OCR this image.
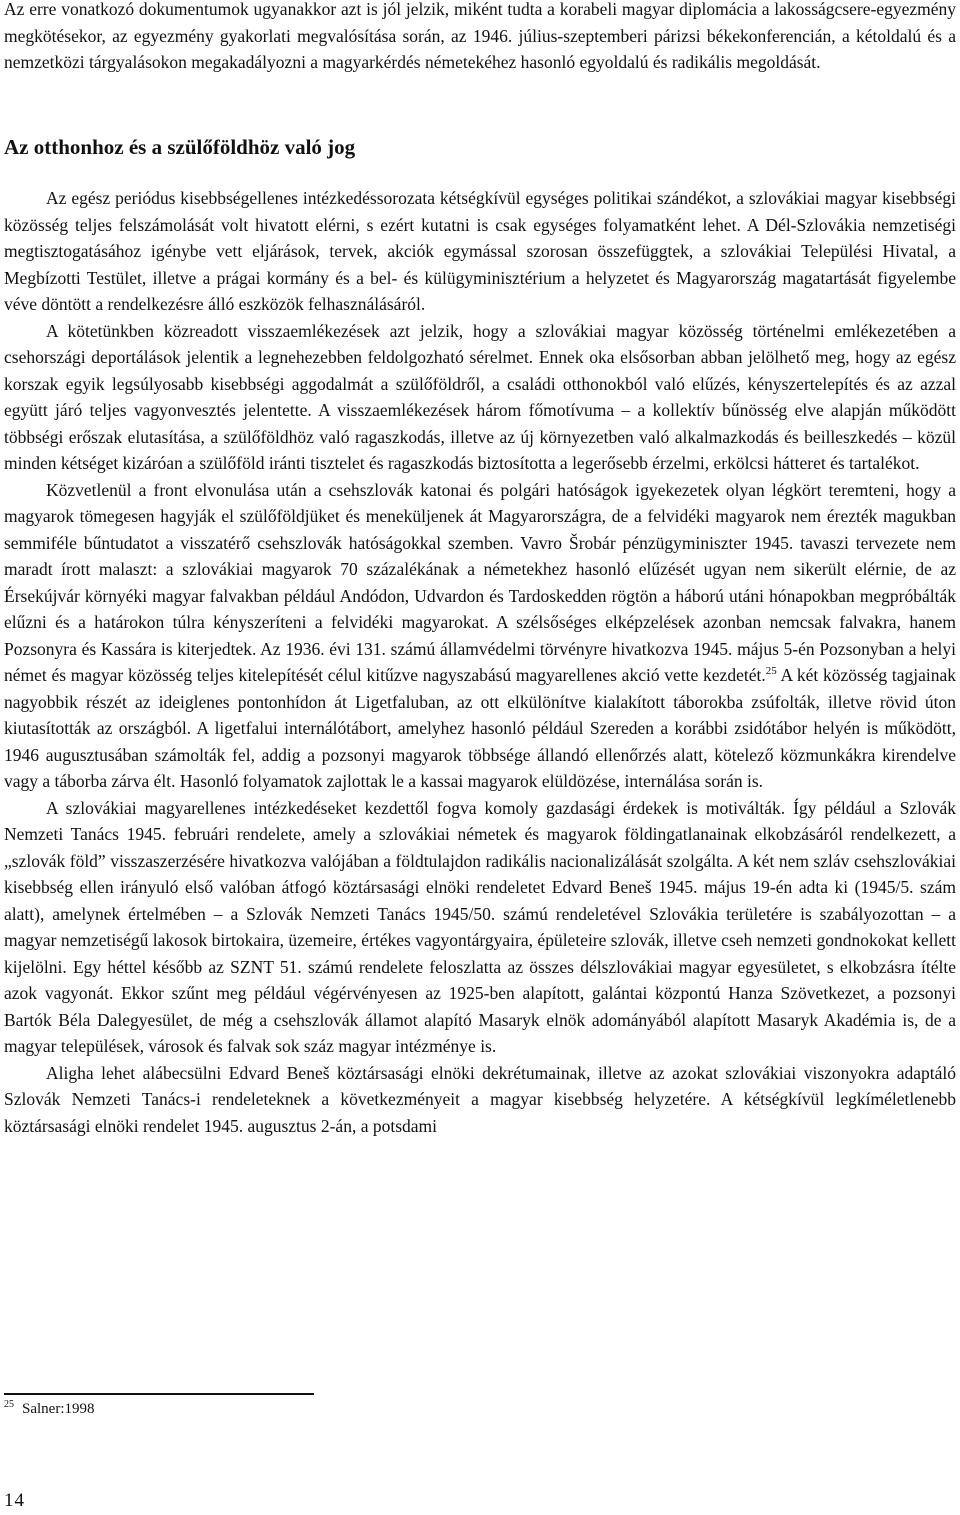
Az erre vonatkozó dokumentumok ugyanakkor azt is jól jelzik, miként tudta a korabeli magyar diplomácia a lakosságcsere-egyezmény megkötésekor, az egyezmény gyakorlati megvalósítása során, az 1946. július-szeptemberi párizsi békekonferencián, a kétoldalú és a nemzetközi tárgyalásokon megakadályozni a magyarkérdés németekéhez hasonló egyoldalú és radikális megoldását.

Az otthonhoz és a szülőföldhöz való jog

Az egész periódus kisebbségellenes intézkedéssorozata kétségkívül egységes politikai szándékot, a szlovákiai magyar kisebbségi közösség teljes felszámolását volt hivatott elérni, s ezért kutatni is csak egységes folyamatként lehet. A Dél-Szlovákia nemzetiségi megtisztogatásához igénybe vett eljárások, tervek, akciók egymással szorosan összefüggtek, a szlovákiai Települési Hivatal, a Megbízotti Testület, illetve a prágai kormány és a bel- és külügyminisztérium a helyzetet és Magyarország magatartását figyelembe véve döntött a rendelkezésre álló eszközök felhasználásáról.

A kötetünkben közreadott visszaemlékezések azt jelzik, hogy a szlovákiai magyar közösség történelmi emlékezetében a csehországi deportálások jelentik a legnehezebben feldolgozható sérelmet. Ennek oka elsősorban abban jelölhető meg, hogy az egész korszak egyik legsúlyosabb kisebbségi aggodalmát a szülőföldről, a családi otthonokból való elűzés, kényszertelepítés és az azzal együtt járó teljes vagyonvesztés jelentette. A visszaemlékezések három főmotívuma – a kollektív bűnösség elve alapján működött többségi erőszak elutasítása, a szülőföldhöz való ragaszkodás, illetve az új környezetben való alkalmazkodás és beilleszkedés – közül minden kétséget kizáróan a szülőföld iránti tisztelet és ragaszkodás biztosította a legerősebb érzelmi, erkölcsi hátteret és tartalékot.

Közvetlenül a front elvonulása után a csehszlovák katonai és polgári hatóságok igyekezetek olyan légkört teremteni, hogy a magyarok tömegesen hagyják el szülőföldjüket és meneküljenek át Magyarországra, de a felvidéki magyarok nem érezték magukban semmiféle bűntudatot a visszatérő csehszlovák hatóságokkal szemben. Vavro Šrobár pénzügyminiszter 1945. tavaszi tervezete nem maradt írott malaszt: a szlovákiai magyarok 70 százalékának a németekhez hasonló elűzését ugyan nem sikerült elérnie, de az Érsekújvár környéki magyar falvakban például Andódon, Udvardon és Tardoskedden rögtön a háború utáni hónapokban megpróbálták elűzni és a határokon túlra kényszeríteni a felvidéki magyarokat. A szélsőséges elképzelések azonban nemcsak falvakra, hanem Pozsonyra és Kassára is kiterjedtek. Az 1936. évi 131. számú államvédelmi törvényre hivatkozva 1945. május 5-én Pozsonyban a helyi német és magyar közösség teljes kitelepítését célul kitűzve nagyszabású magyarellenes akció vette kezdetét.$^{25}$ A két közösség tagjainak nagyobbik részét az ideiglenes pontonhídon át Ligetfaluban, az ott elkülönítve kialakított táborokba zsúfolták, illetve rövid úton kiutasították az országból. A ligetfalui internálótábort, amelyhez hasonló például Szereden a korábbi zsidótábor helyén is működött, 1946 augusztusában számolták fel, addig a pozsonyi magyarok többsége állandó ellenőrzés alatt, kötelező közmunkákra kirendelve vagy a táborba zárva élt. Hasonló folyamatok zajlottak le a kassai magyarok elüldözése, internálása során is.

A szlovákiai magyarellenes intézkedéseket kezdettől fogva komoly gazdasági érdekek is motiválták. Így például a Szlovák Nemzeti Tanács 1945. februári rendelete, amely a szlovákiai németek és magyarok földingatlanainak elkobzásáról rendelkezett, a „szlovák föld” visszaszerzésére hivatkozva valójában a földtulajdon radikális nacionalizálását szolgálta. A két nem szláv csehszlovákiai kisebbség ellen irányuló első valóban átfogó köztársasági elnöki rendeletet Edvard Beneš 1945. május 19-én adta ki (1945/5. szám alatt), amelynek értelmében – a Szlovák Nemzeti Tanács 1945/50. számú rendeletével Szlovákia területére is szabályozottan – a magyar nemzetiségű lakosok birtokaira, üzemeire, értékes vagyontárgyaira, épületeire szlovák, illetve cseh nemzeti gondnokokat kellett kijelölni. Egy héttel később az SZNT 51. számú rendelete feloszlatta az összes délszlovákiai magyar egyesületet, s elkobzásra ítélte azok vagyonát. Ekkor szűnt meg például végérvényesen az 1925-ben alapított, galántai központú Hanza Szövetkezet, a pozsonyi Bartók Béla Dalegyesület, de még a csehszlovák államot alapító Masaryk elnök adományából alapított Masaryk Akadémia is, de a magyar települések, városok és falvak sok száz magyar intézménye is.

Aligha lehet alábecsülni Edvard Beneš köztársasági elnöki dekrétumainak, illetve az azokat szlovákiai viszonyokra adaptáló Szlovák Nemzeti Tanács-i rendeleteknek a következményeit a magyar kisebbség helyzetére. A kétségkívül legkíméletlenebb köztársasági elnöki rendelet 1945. augusztus 2-án, a potsdami

$^{25}$ Salner:1998
14
